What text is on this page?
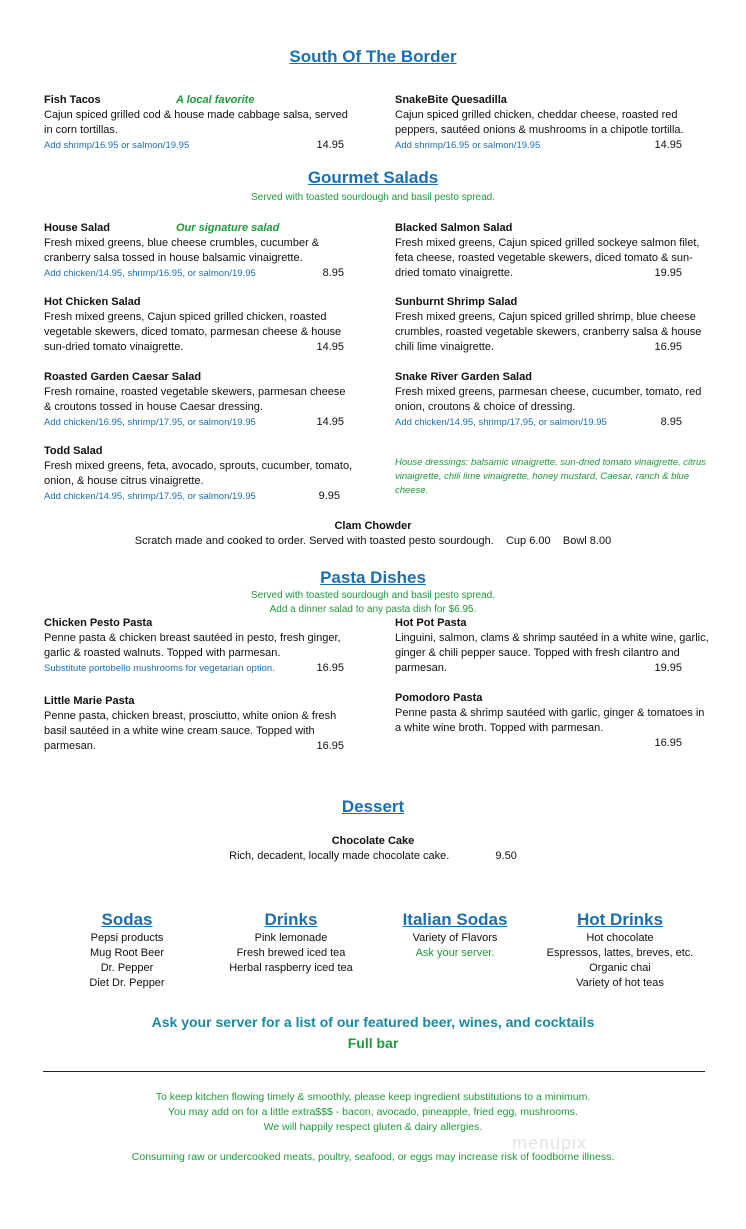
South Of The Border
Fish Tacos	A local favorite
Cajun spiced grilled cod & house made cabbage salsa, served in corn tortillas.
Add shrimp/16.95 or salmon/19.95	14.95
SnakeBite Quesadilla
Cajun spiced grilled chicken, cheddar cheese, roasted red peppers, sautéed onions & mushrooms in a chipotle tortilla.
Add shrimp/16.95 or salmon/19.95	14.95
Gourmet Salads
Served with toasted sourdough and basil pesto spread.
House Salad	Our signature salad
Fresh mixed greens, blue cheese crumbles, cucumber & cranberry salsa tossed in house balsamic vinaigrette.
Add chicken/14.95, shrimp/16.95, or salmon/19.95	8.95
Blacked Salmon Salad
Fresh mixed greens, Cajun spiced grilled sockeye salmon filet, feta cheese, roasted vegetable skewers, diced tomato & sun-dried tomato vinaigrette.	19.95
Hot Chicken Salad
Fresh mixed greens, Cajun spiced grilled chicken, roasted vegetable skewers, diced tomato, parmesan cheese & house sun-dried tomato vinaigrette.	14.95
Sunburnt Shrimp Salad
Fresh mixed greens, Cajun spiced grilled shrimp, blue cheese crumbles, roasted vegetable skewers, cranberry salsa & house chili lime vinaigrette.	16.95
Roasted Garden Caesar Salad
Fresh romaine, roasted vegetable skewers, parmesan cheese & croutons tossed in house Caesar dressing.
Add chicken/16.95, shrimp/17.95, or salmon/19.95	14.95
Snake River Garden Salad
Fresh mixed greens, parmesan cheese, cucumber, tomato, red onion, croutons & choice of dressing.
Add chicken/14.95, shrimp/17.95, or salmon/19.95	8.95
Todd Salad
Fresh mixed greens, feta, avocado, sprouts, cucumber, tomato, onion, & house citrus vinaigrette.
Add chicken/14.95, shrimp/17.95, or salmon/19.95	9.95
House dressings: balsamic vinaigrette, sun-dried tomato vinaigrette, citrus vinaigrette, chili lime vinaigrette, honey mustard, Caesar, ranch & blue cheese.
Clam Chowder
Scratch made and cooked to order. Served with toasted pesto sourdough. Cup 6.00 Bowl 8.00
Pasta Dishes
Served with toasted sourdough and basil pesto spread.
Add a dinner salad to any pasta dish for $6.95.
Chicken Pesto Pasta
Penne pasta & chicken breast sautéed in pesto, fresh ginger, garlic & roasted walnuts. Topped with parmesan.
Substitute portobello mushrooms for vegetarian option.	16.95
Hot Pot Pasta
Linguini, salmon, clams & shrimp sautéed in a white wine, garlic, ginger & chili pepper sauce. Topped with fresh cilantro and parmesan.	19.95
Little Marie Pasta
Penne pasta, chicken breast, prosciutto, white onion & fresh basil sautéed in a white wine cream sauce. Topped with parmesan.	16.95
Pomodoro Pasta
Penne pasta & shrimp sautéed with garlic, ginger & tomatoes in a white wine broth. Topped with parmesan.
16.95
Dessert
Chocolate Cake
Rich, decadent, locally made chocolate cake.	9.50
Sodas
Pepsi products
Mug Root Beer
Dr. Pepper
Diet Dr. Pepper
Drinks
Pink lemonade
Fresh brewed iced tea
Herbal raspberry iced tea
Italian Sodas
Variety of Flavors
Ask your server.
Hot Drinks
Hot chocolate
Espressos, lattes, breves, etc.
Organic chai
Variety of hot teas
Ask your server for a list of our featured beer, wines, and cocktails
Full bar
To keep kitchen flowing timely & smoothly, please keep ingredient substitutions to a minimum.
You may add on for a little extra$$$ - bacon, avocado, pineapple, fried egg, mushrooms.
We will happily respect gluten & dairy allergies.
Consuming raw or undercooked meats, poultry, seafood, or eggs may increase risk of foodborne illness.
menupix
